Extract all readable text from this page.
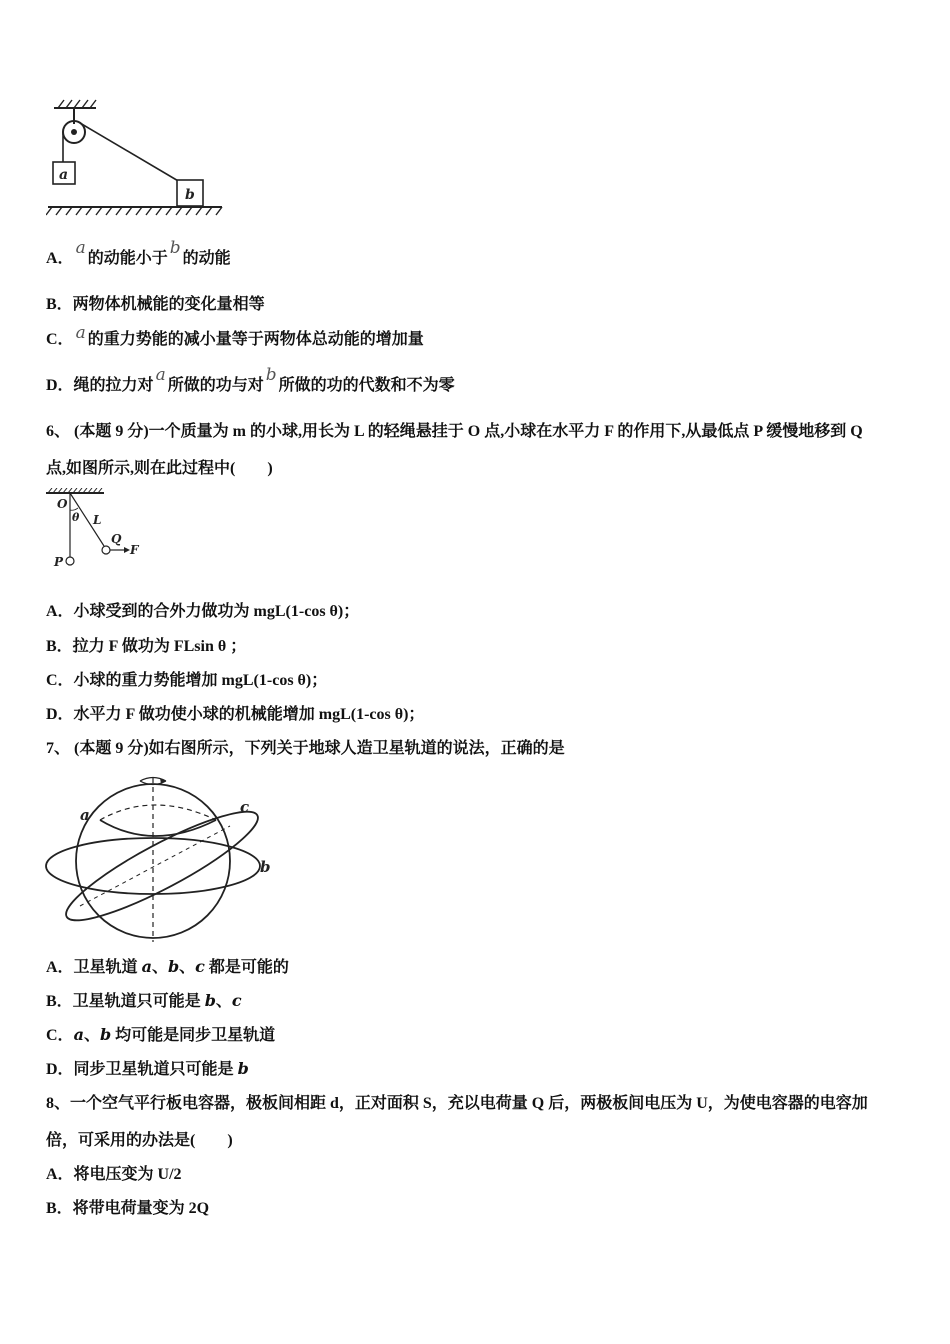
a
b
A．a的动能小于b的动能
B．两物体机械能的变化量相等
C． a 的重力势能的减小量等于两物体总动能的增加量
D．绳的拉力对a所做的功与对b所做的功的代数和不为零
6、 (本题 9 分)一个质量为 m 的小球,用长为 L 的轻绳悬挂于 O 点,小球在水平力 F 的作用下,从最低点 P 缓慢地移到 Q
点,如图所示,则在此过程中(　　)
O
θ L
Q
F
P
A．小球受到的合外力做功为 mgL(1-cos θ)；
B．拉力 F 做功为 FLsin θ ；
C．小球的重力势能增加 mgL(1-cos θ)；
D．水平力 F 做功使小球的机械能增加 mgL(1-cos θ)；
7、 (本题 9 分)如右图所示，下列关于地球人造卫星轨道的说法，正确的是
a
b
c
A．卫星轨道 a、b、c 都是可能的
B．卫星轨道只可能是 b、c
C．a、b 均可能是同步卫星轨道
D．同步卫星轨道只可能是 b
8、一个空气平行板电容器，极板间相距 d，正对面积 S，充以电荷量 Q 后，两极板间电压为 U，为使电容器的电容加
倍，可采用的办法是(　　)
A．将电压变为 U/2
B．将带电荷量变为 2Q
